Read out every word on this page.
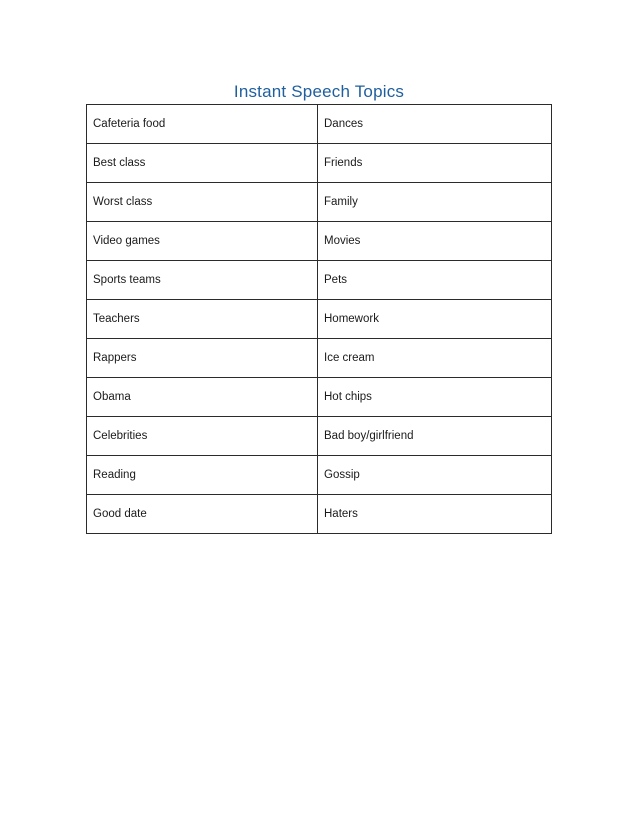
Instant Speech Topics
Cafeteria food	Dances
Best class	Friends
Worst class	Family
Video games	Movies
Sports teams	Pets
Teachers	Homework
Rappers	Ice cream
Obama	Hot chips
Celebrities	Bad boy/girlfriend
Reading	Gossip
Good date	Haters
